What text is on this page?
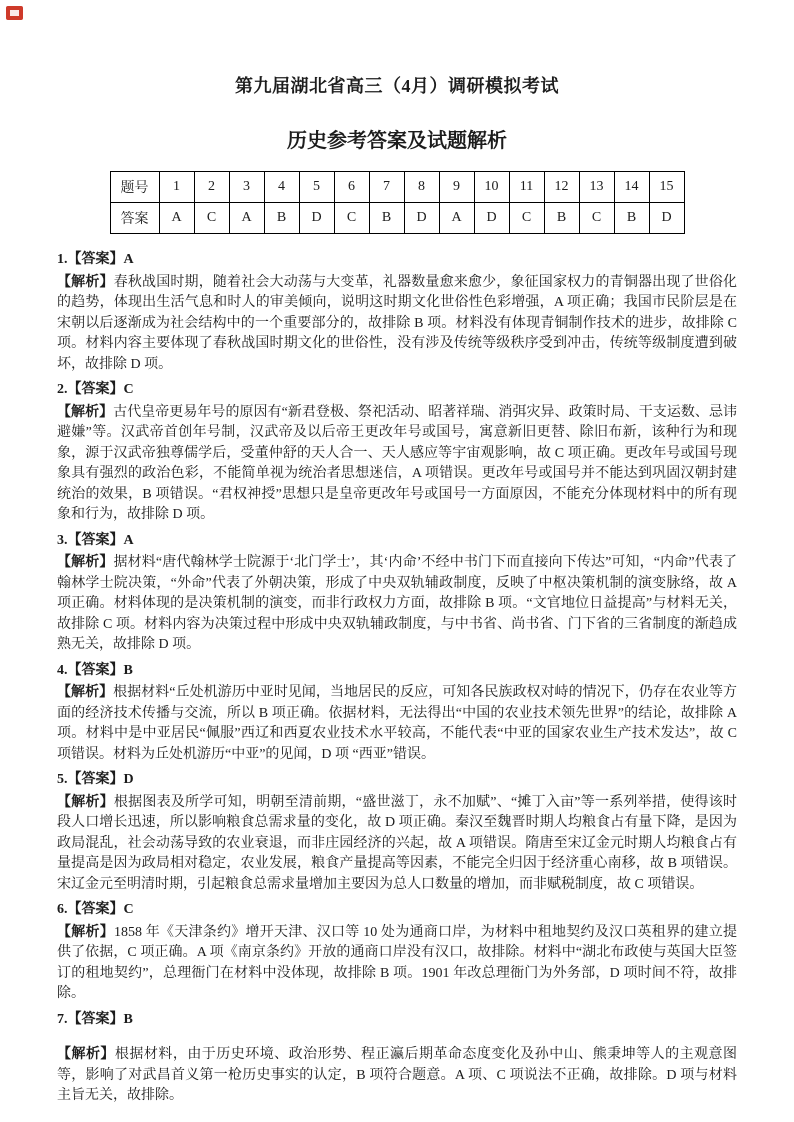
第九届湖北省高三（4月）调研模拟考试
历史参考答案及试题解析
题号	1	2	3	4	5	6	7	8	9	10	11	12	13	14	15
答案	A	C	A	B	D	C	B	D	A	D	C	B	C	B	D

1.【答案】A

【解析】春秋战国时期，随着社会大动荡与大变革，礼器数量愈来愈少，象征国家权力的青铜器出现了世俗化的趋势，体现出生活气息和时人的审美倾向，说明这时期文化世俗性色彩增强，A 项正确；我国市民阶层是在宋朝以后逐渐成为社会结构中的一个重要部分的，故排除 B 项。材料没有体现青铜制作技术的进步，故排除 C 项。材料内容主要体现了春秋战国时期文化的世俗性，没有涉及传统等级秩序受到冲击，传统等级制度遭到破坏，故排除 D 项。

2.【答案】C

【解析】古代皇帝更易年号的原因有“新君登极、祭祀活动、昭著祥瑞、消弭灾异、政策时局、干支运数、忌讳避嫌”等。汉武帝首创年号制，汉武帝及以后帝王更改年号或国号，寓意新旧更替、除旧布新，该种行为和现象，源于汉武帝独尊儒学后，受董仲舒的天人合一、天人感应等宇宙观影响，故 C 项正确。更改年号或国号现象具有强烈的政治色彩，不能简单视为统治者思想迷信，A 项错误。更改年号或国号并不能达到巩固汉朝封建统治的效果，B 项错误。“君权神授”思想只是皇帝更改年号或国号一方面原因，不能充分体现材料中的所有现象和行为，故排除 D 项。

3.【答案】A

【解析】据材料“唐代翰林学士院源于‘北门学士’，其‘内命’不经中书门下而直接向下传达”可知，“内命”代表了翰林学士院决策，“外命”代表了外朝决策，形成了中央双轨辅政制度，反映了中枢决策机制的演变脉络，故 A 项正确。材料体现的是决策机制的演变，而非行政权力方面，故排除 B 项。“文官地位日益提高”与材料无关，故排除 C 项。材料内容为决策过程中形成中央双轨辅政制度，与中书省、尚书省、门下省的三省制度的渐趋成熟无关，故排除 D 项。

4.【答案】B

【解析】根据材料“丘处机游历中亚时见闻，当地居民的反应，可知各民族政权对峙的情况下，仍存在农业等方面的经济技术传播与交流，所以 B 项正确。依据材料，无法得出“中国的农业技术领先世界”的结论，故排除 A 项。材料中是中亚居民“佩服”西辽和西夏农业技术水平较高，不能代表“中亚的国家农业生产技术发达”，故 C 项错误。材料为丘处机游历“中亚”的见闻，D 项 “西亚”错误。

5.【答案】D

【解析】根据图表及所学可知，明朝至清前期，“盛世滋丁，永不加赋”、“摊丁入亩”等一系列举措，使得该时段人口增长迅速，所以影响粮食总需求量的变化，故 D 项正确。秦汉至魏晋时期人均粮食占有量下降，是因为政局混乱，社会动荡导致的农业衰退，而非庄园经济的兴起，故 A 项错误。隋唐至宋辽金元时期人均粮食占有量提高是因为政局相对稳定，农业发展，粮食产量提高等因素，不能完全归因于经济重心南移，故 B 项错误。宋辽金元至明清时期，引起粮食总需求量增加主要因为总人口数量的增加，而非赋税制度，故 C 项错误。

6.【答案】C

【解析】1858 年《天津条约》增开天津、汉口等 10 处为通商口岸，为材料中租地契约及汉口英租界的建立提供了依据，C 项正确。A 项《南京条约》开放的通商口岸没有汉口，故排除。材料中“湖北布政使与英国大臣签订的租地契约”，总理衙门在材料中没体现，故排除 B 项。1901 年改总理衙门为外务部，D 项时间不符，故排除。

7.【答案】B

【解析】根据材料，由于历史环境、政治形势、程正瀛后期革命态度变化及孙中山、熊秉坤等人的主观意图等，影响了对武昌首义第一枪历史事实的认定，B 项符合题意。A 项、C 项说法不正确，故排除。D 项与材料主旨无关，故排除。
